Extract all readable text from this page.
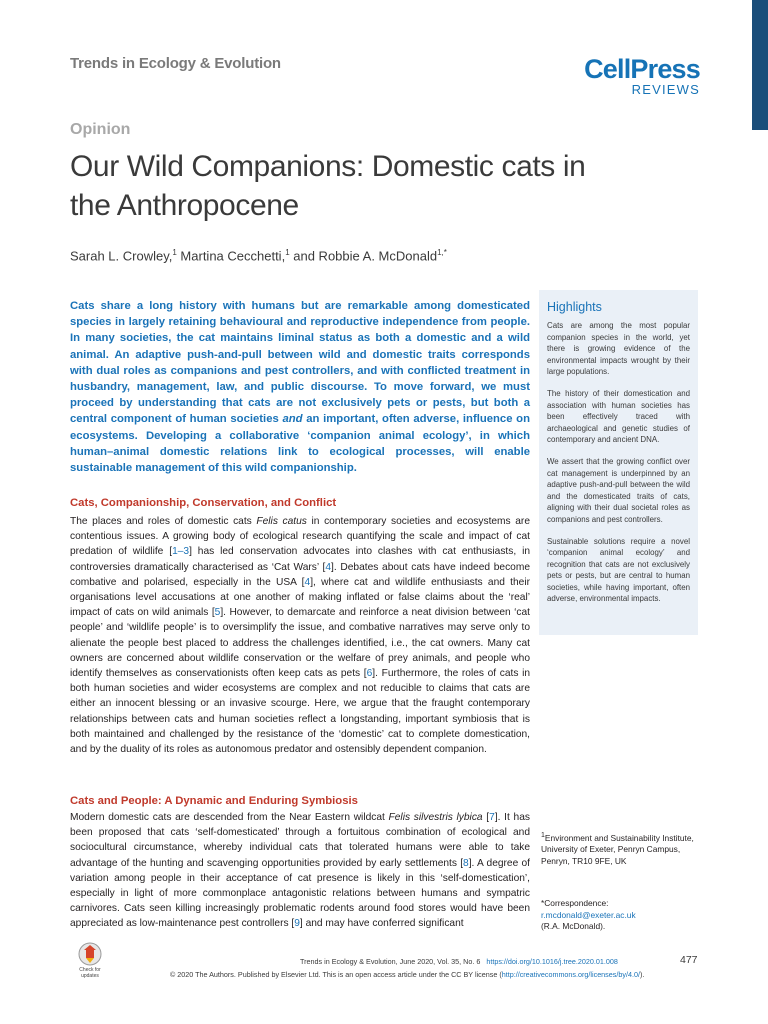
Trends in Ecology & Evolution	CellPress
REVIEWS
Opinion
Our Wild Companions: Domestic cats in
the Anthropocene
Sarah L. Crowley,$^1$ Martina Cecchetti,$^1$ and Robbie A. McDonald$^{1,*}$
Cats share a long history with humans but are remarkable among domesticated species in largely retaining behavioural and reproductive independence from people. In many societies, the cat maintains liminal status as both a domestic and a wild animal. An adaptive push-and-pull between wild and domestic traits corresponds with dual roles as companions and pest controllers, and with conflicted treatment in husbandry, management, law, and public discourse. To move forward, we must proceed by understanding that cats are not exclusively pets or pests, but both a central component of human societies and an important, often adverse, influence on ecosystems. Developing a collaborative ‘companion animal ecology’, in which human–animal domestic relations link to ecological processes, will enable sustainable management of this wild companionship.
Cats, Companionship, Conservation, and Conflict
The places and roles of domestic cats Felis catus in contemporary societies and ecosystems are contentious issues. A growing body of ecological research quantifying the scale and impact of cat predation of wildlife [1–3] has led conservation advocates into clashes with cat enthusiasts, in controversies dramatically characterised as ‘Cat Wars’ [4]. Debates about cats have indeed become combative and polarised, especially in the USA [4], where cat and wildlife enthusiasts and their organisations level accusations at one another of making inflated or false claims about the ‘real’ impact of cats on wild animals [5]. However, to demarcate and reinforce a neat division between ‘cat people’ and ‘wildlife people’ is to oversimplify the issue, and combative narratives may serve only to alienate the people best placed to address the challenges identified, i.e., the cat owners. Many cat owners are concerned about wildlife conservation or the welfare of prey animals, and people who identify themselves as conservationists often keep cats as pets [6]. Furthermore, the roles of cats in both human societies and wider ecosystems are complex and not reducible to claims that cats are either an innocent blessing or an invasive scourge. Here, we argue that the fraught contemporary relationships between cats and human societies reflect a longstanding, important symbiosis that is both maintained and challenged by the resistance of the ‘domestic’ cat to complete domestication, and by the duality of its roles as autonomous predator and ostensibly dependent companion.
Cats and People: A Dynamic and Enduring Symbiosis
Modern domestic cats are descended from the Near Eastern wildcat Felis silvestris lybica [7]. It has been proposed that cats ‘self-domesticated’ through a fortuitous combination of ecological and sociocultural circumstance, whereby individual cats that tolerated humans were able to take advantage of the hunting and scavenging opportunities provided by early settlements [8]. A degree of variation among people in their acceptance of cat presence is likely in this ‘self-domestication’, especially in light of more commonplace antagonistic relations between humans and sympatric carnivores. Cats seen killing increasingly problematic rodents around food stores would have been appreciated as low-maintenance pest controllers [9] and may have conferred significant
Highlights

Cats are among the most popular companion species in the world, yet there is growing evidence of the environmental impacts wrought by their large populations.

The history of their domestication and association with human societies has been effectively traced with archaeological and genetic studies of contemporary and ancient DNA.

We assert that the growing conflict over cat management is underpinned by an adaptive push-and-pull between the wild and the domesticated traits of cats, aligning with their dual societal roles as companions and pest controllers.

Sustainable solutions require a novel ‘companion animal ecology’ and recognition that cats are not exclusively pets or pests, but are central to human societies, while having important, often adverse, environmental impacts.

$^1$Environment and Sustainability Institute, University of Exeter, Penryn Campus, Penryn, TR10 9FE, UK
*Correspondence:
r.mcdonald@exeter.ac.uk
(R.A. McDonald).
Check for
updates
Trends in Ecology & Evolution, June 2020, Vol. 35, No. 6 https://doi.org/10.1016/j.tree.2020.01.008	477
© 2020 The Authors. Published by Elsevier Ltd. This is an open access article under the CC BY license (http://creativecommons.org/licenses/by/4.0/).
